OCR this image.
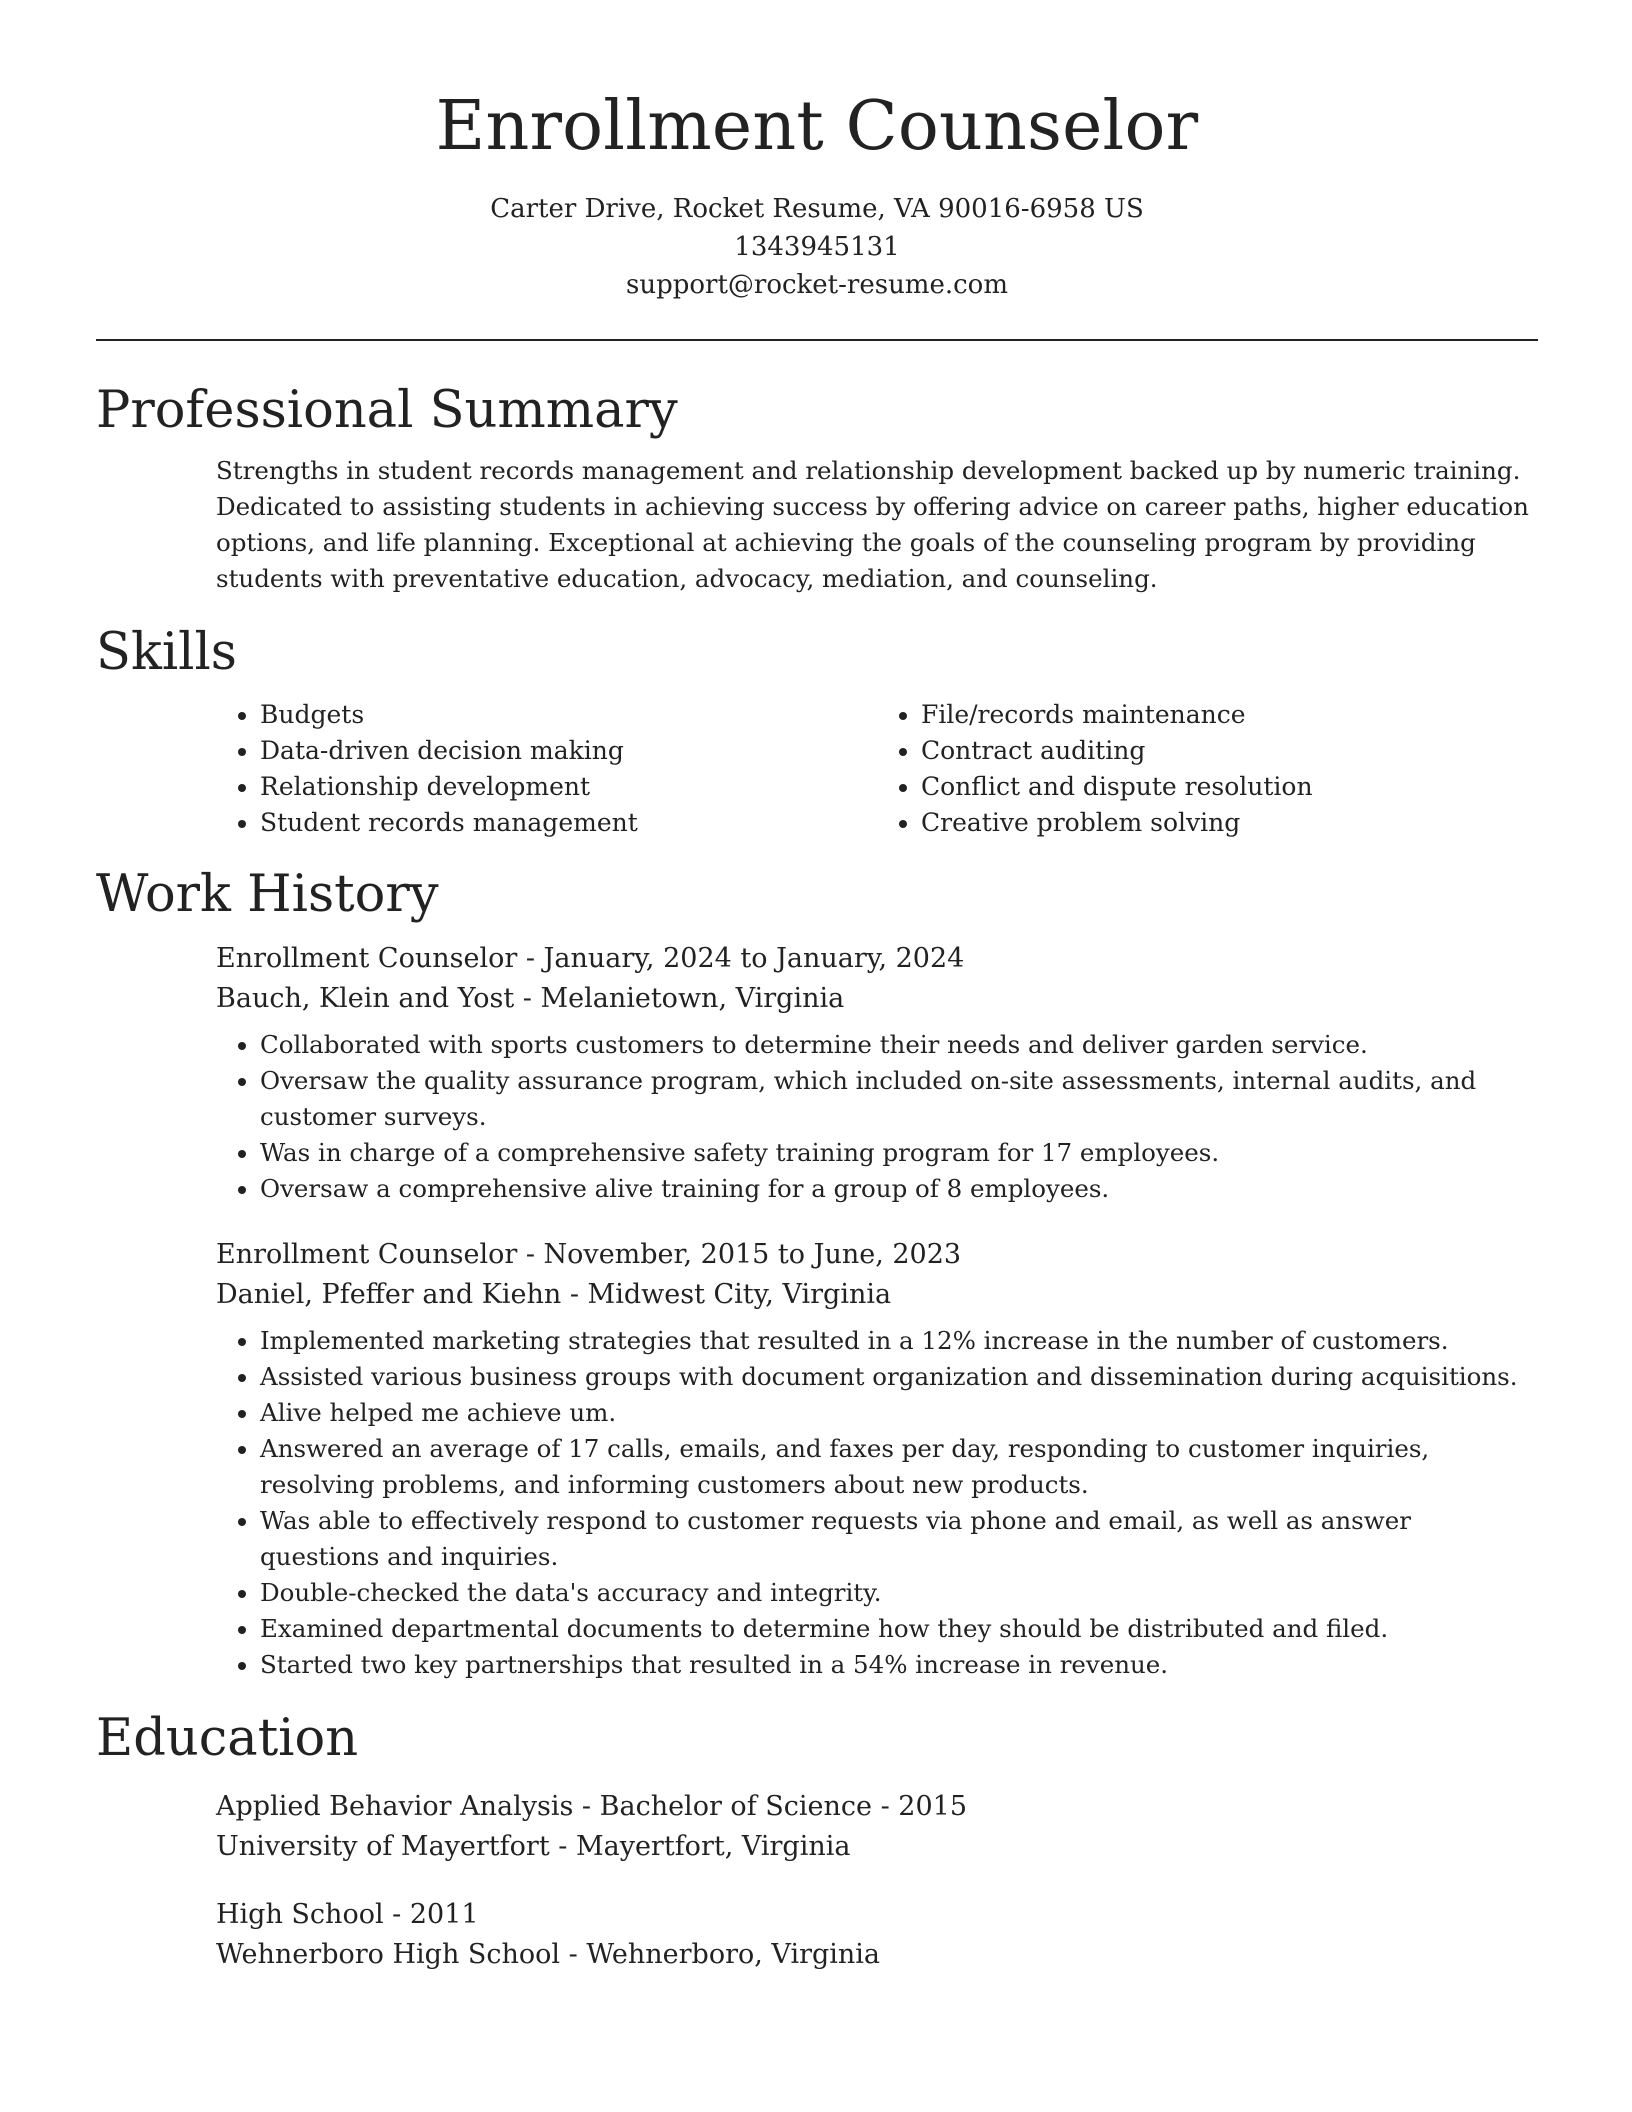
Enrollment Counselor
Carter Drive, Rocket Resume, VA 90016-6958 US
1343945131
support@rocket-resume.com
Professional Summary
Strengths in student records management and relationship development backed up by numeric training. Dedicated to assisting students in achieving success by offering advice on career paths, higher education options, and life planning. Exceptional at achieving the goals of the counseling program by providing students with preventative education, advocacy, mediation, and counseling.
Skills
• Budgets
• Data-driven decision making
• Relationship development
• Student records management
• File/records maintenance
• Contract auditing
• Conflict and dispute resolution
• Creative problem solving
Work History
Enrollment Counselor - January, 2024 to January, 2024
Bauch, Klein and Yost - Melanietown, Virginia
• Collaborated with sports customers to determine their needs and deliver garden service.
• Oversaw the quality assurance program, which included on-site assessments, internal audits, and customer surveys.
• Was in charge of a comprehensive safety training program for 17 employees.
• Oversaw a comprehensive alive training for a group of 8 employees.
Enrollment Counselor - November, 2015 to June, 2023
Daniel, Pfeffer and Kiehn - Midwest City, Virginia
• Implemented marketing strategies that resulted in a 12% increase in the number of customers.
• Assisted various business groups with document organization and dissemination during acquisitions.
• Alive helped me achieve um.
• Answered an average of 17 calls, emails, and faxes per day, responding to customer inquiries, resolving problems, and informing customers about new products.
• Was able to effectively respond to customer requests via phone and email, as well as answer questions and inquiries.
• Double-checked the data's accuracy and integrity.
• Examined departmental documents to determine how they should be distributed and filed.
• Started two key partnerships that resulted in a 54% increase in revenue.
Education
Applied Behavior Analysis - Bachelor of Science - 2015
University of Mayertfort - Mayertfort, Virginia
High School - 2011
Wehnerboro High School - Wehnerboro, Virginia
